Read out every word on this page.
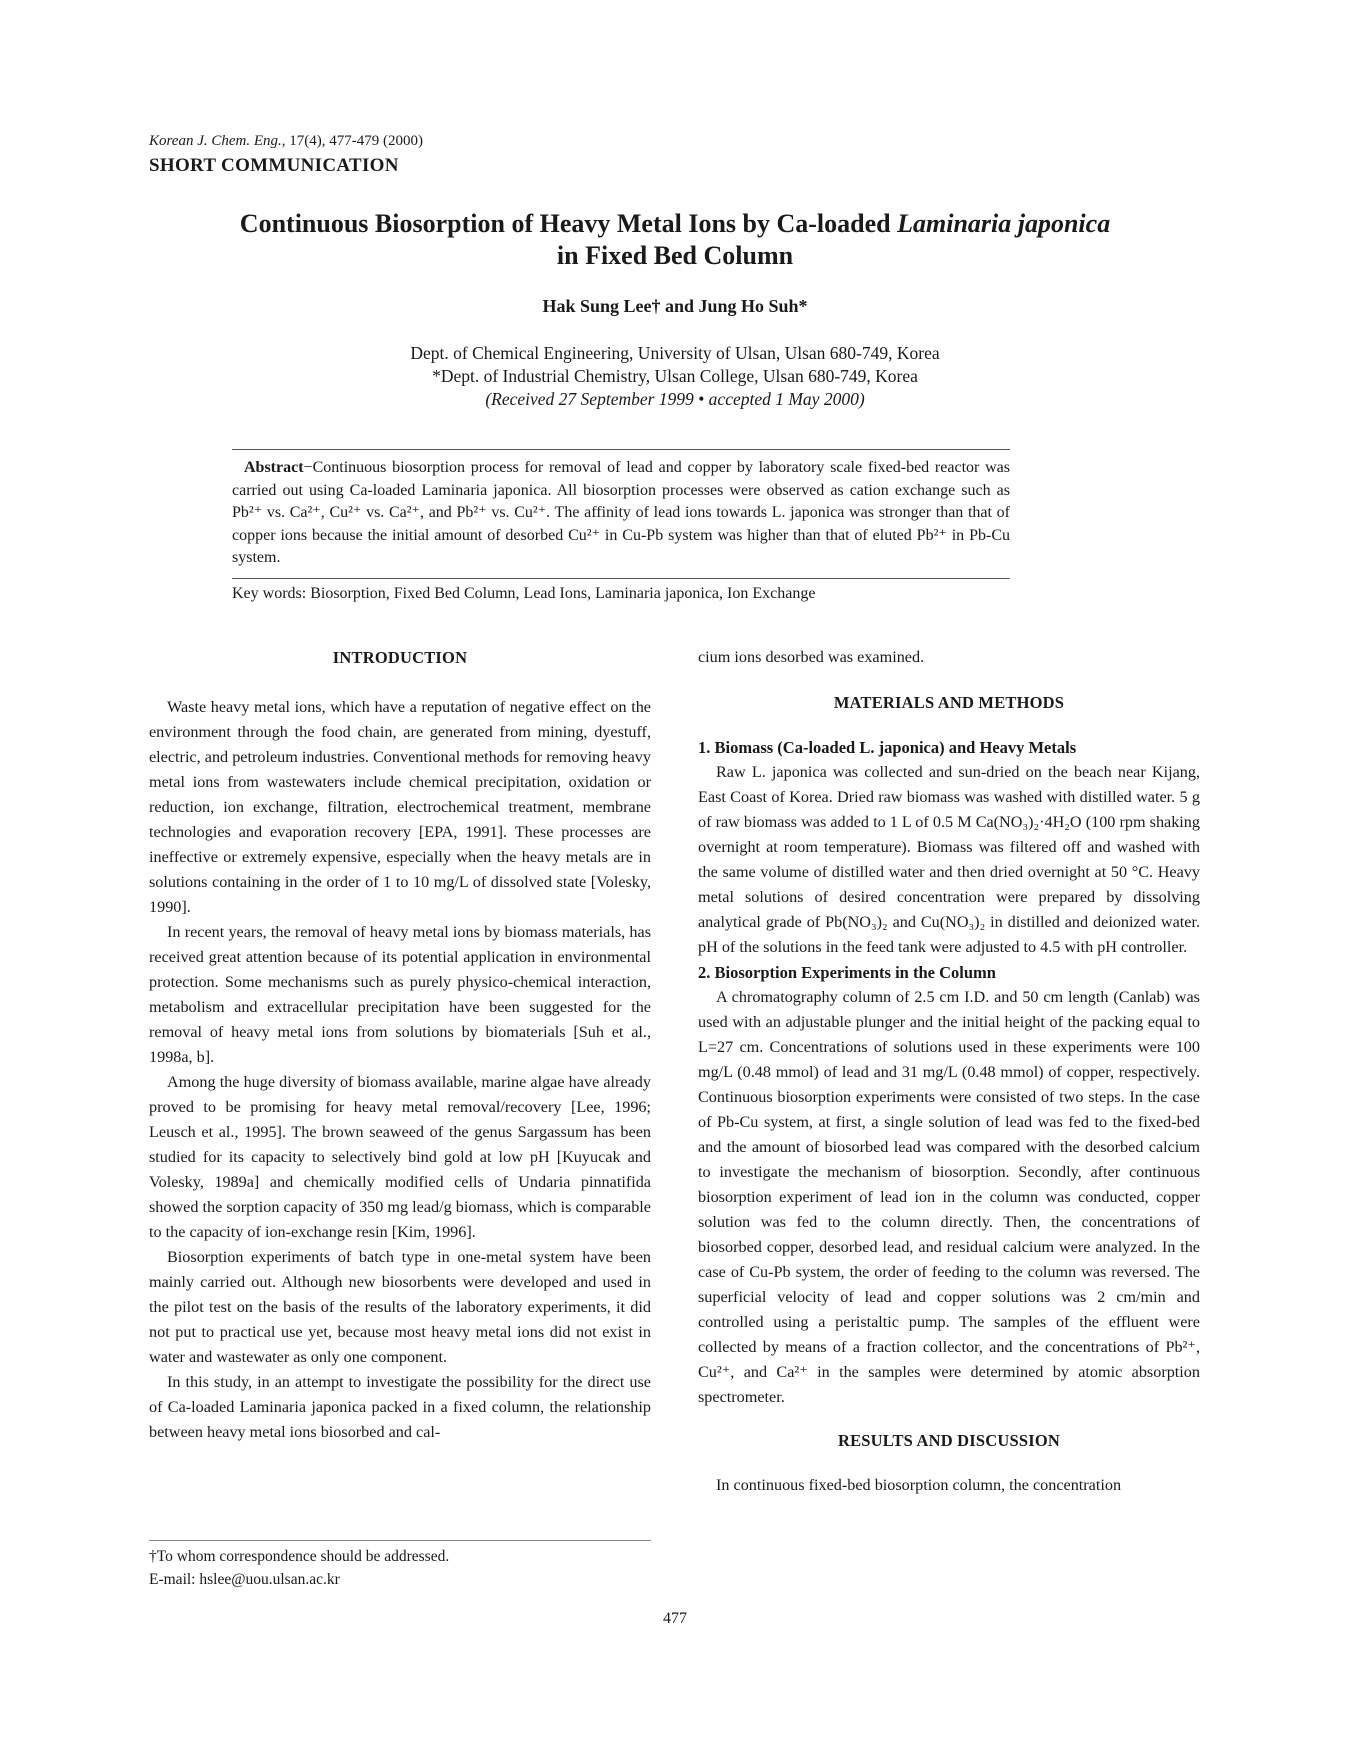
Korean J. Chem. Eng., 17(4), 477-479 (2000)
SHORT COMMUNICATION
Continuous Biosorption of Heavy Metal Ions by Ca-loaded Laminaria japonica
in Fixed Bed Column
Hak Sung Lee† and Jung Ho Suh*
Dept. of Chemical Engineering, University of Ulsan, Ulsan 680-749, Korea
*Dept. of Industrial Chemistry, Ulsan College, Ulsan 680-749, Korea
(Received 27 September 1999 • accepted 1 May 2000)
Abstract−Continuous biosorption process for removal of lead and copper by laboratory scale fixed-bed reactor was carried out using Ca-loaded Laminaria japonica. All biosorption processes were observed as cation exchange such as Pb²⁺ vs. Ca²⁺, Cu²⁺ vs. Ca²⁺, and Pb²⁺ vs. Cu²⁺. The affinity of lead ions towards L. japonica was stronger than that of copper ions because the initial amount of desorbed Cu²⁺ in Cu-Pb system was higher than that of eluted Pb²⁺ in Pb-Cu system.
Key words: Biosorption, Fixed Bed Column, Lead Ions, Laminaria japonica, Ion Exchange
INTRODUCTION

Waste heavy metal ions, which have a reputation of negative effect on the environment through the food chain, are generated from mining, dyestuff, electric, and petroleum industries. Conventional methods for removing heavy metal ions from wastewaters include chemical precipitation, oxidation or reduction, ion exchange, filtration, electrochemical treatment, membrane technologies and evaporation recovery [EPA, 1991]. These processes are ineffective or extremely expensive, especially when the heavy metals are in solutions containing in the order of 1 to 10 mg/L of dissolved state [Volesky, 1990].

In recent years, the removal of heavy metal ions by biomass materials, has received great attention because of its potential application in environmental protection. Some mechanisms such as purely physico-chemical interaction, metabolism and extracellular precipitation have been suggested for the removal of heavy metal ions from solutions by biomaterials [Suh et al., 1998a, b].

Among the huge diversity of biomass available, marine algae have already proved to be promising for heavy metal removal/recovery [Lee, 1996; Leusch et al., 1995]. The brown seaweed of the genus Sargassum has been studied for its capacity to selectively bind gold at low pH [Kuyucak and Volesky, 1989a] and chemically modified cells of Undaria pinnatifida showed the sorption capacity of 350 mg lead/g biomass, which is comparable to the capacity of ion-exchange resin [Kim, 1996].

Biosorption experiments of batch type in one-metal system have been mainly carried out. Although new biosorbents were developed and used in the pilot test on the basis of the results of the laboratory experiments, it did not put to practical use yet, because most heavy metal ions did not exist in water and wastewater as only one component.

In this study, in an attempt to investigate the possibility for the direct use of Ca-loaded Laminaria japonica packed in a fixed column, the relationship between heavy metal ions biosorbed and cal-

cium ions desorbed was examined.

MATERIALS AND METHODS
1. Biomass (Ca-loaded L. japonica) and Heavy Metals

Raw L. japonica was collected and sun-dried on the beach near Kijang, East Coast of Korea. Dried raw biomass was washed with distilled water. 5 g of raw biomass was added to 1 L of 0.5 M Ca(NO₃)₂·4H₂O (100 rpm shaking overnight at room temperature). Biomass was filtered off and washed with the same volume of distilled water and then dried overnight at 50 °C. Heavy metal solutions of desired concentration were prepared by dissolving analytical grade of Pb(NO₃)₂ and Cu(NO₃)₂ in distilled and deionized water. pH of the solutions in the feed tank were adjusted to 4.5 with pH controller.

2. Biosorption Experiments in the Column

A chromatography column of 2.5 cm I.D. and 50 cm length (Canlab) was used with an adjustable plunger and the initial height of the packing equal to L=27 cm. Concentrations of solutions used in these experiments were 100 mg/L (0.48 mmol) of lead and 31 mg/L (0.48 mmol) of copper, respectively. Continuous biosorption experiments were consisted of two steps. In the case of Pb-Cu system, at first, a single solution of lead was fed to the fixed-bed and the amount of biosorbed lead was compared with the desorbed calcium to investigate the mechanism of biosorption. Secondly, after continuous biosorption experiment of lead ion in the column was conducted, copper solution was fed to the column directly. Then, the concentrations of biosorbed copper, desorbed lead, and residual calcium were analyzed. In the case of Cu-Pb system, the order of feeding to the column was reversed. The superficial velocity of lead and copper solutions was 2 cm/min and controlled using a peristaltic pump. The samples of the effluent were collected by means of a fraction collector, and the concentrations of Pb²⁺, Cu²⁺, and Ca²⁺ in the samples were determined by atomic absorption spectrometer.

RESULTS AND DISCUSSION

In continuous fixed-bed biosorption column, the concentration

†To whom correspondence should be addressed.
E-mail: hslee@uou.ulsan.ac.kr
477
